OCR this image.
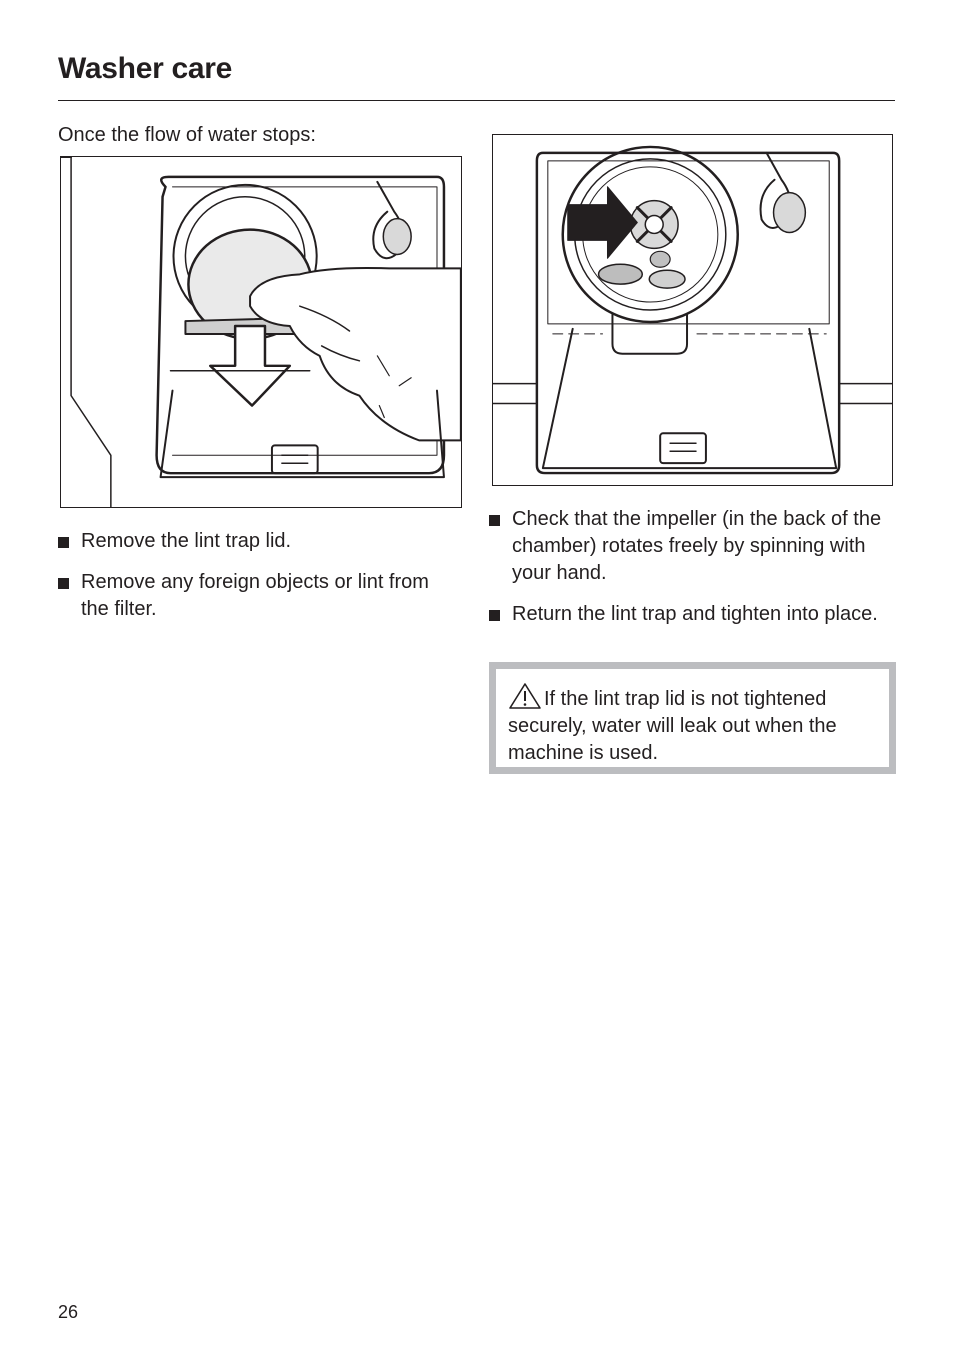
Washer care

Once the flow of water stops:

Remove the lint trap lid.
Remove any foreign objects or lint from the filter.
Check that the impeller (in the back of the chamber) rotates freely by spinning with your hand.
Return the lint trap and tighten into place.
If the lint trap lid is not tightened securely, water will leak out when the machine is used.

26
